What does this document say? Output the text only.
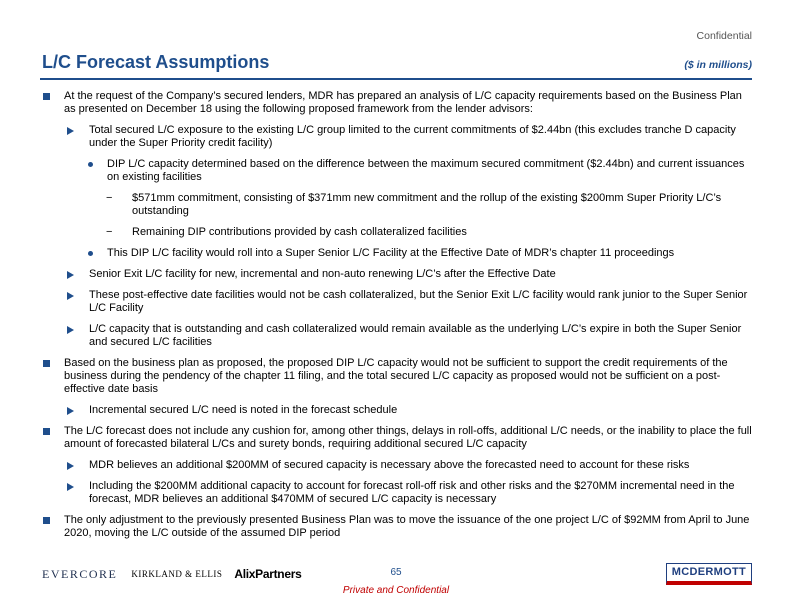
Confidential
L/C Forecast Assumptions	($ in millions)
At the request of the Company’s secured lenders, MDR has prepared an analysis of L/C capacity requirements based on the Business Plan as presented on December 18 using the following proposed framework from the lender advisors:
Total secured L/C exposure to the existing L/C group limited to the current commitments of $2.44bn (this excludes tranche D capacity under the Super Priority credit facility)
DIP L/C capacity determined based on the difference between the maximum secured commitment ($2.44bn) and current issuances on existing facilities
− $571mm commitment, consisting of $371mm new commitment and the rollup of the existing $200mm Super Priority L/C’s outstanding
− Remaining DIP contributions provided by cash collateralized facilities
This DIP L/C facility would roll into a Super Senior L/C Facility at the Effective Date of MDR’s chapter 11 proceedings
Senior Exit L/C facility for new, incremental and non-auto renewing L/C’s after the Effective Date
These post-effective date facilities would not be cash collateralized, but the Senior Exit L/C facility would rank junior to the Super Senior L/C Facility
L/C capacity that is outstanding and cash collateralized would remain available as the underlying L/C’s expire in both the Super Senior and secured L/C facilities
Based on the business plan as proposed, the proposed DIP L/C capacity would not be sufficient to support the credit requirements of the business during the pendency of the chapter 11 filing, and the total secured L/C capacity as proposed would not be sufficient on a post-effective date basis
Incremental secured L/C need is noted in the forecast schedule
The L/C forecast does not include any cushion for, among other things, delays in roll-offs, additional L/C needs, or the inability to place the full amount of forecasted bilateral L/Cs and surety bonds, requiring additional secured L/C capacity
MDR believes an additional $200MM of secured capacity is necessary above the forecasted need to account for these risks
Including the $200MM additional capacity to account for forecast roll-off risk and other risks and the $270MM incremental need in the forecast, MDR believes an additional $470MM of secured L/C capacity is necessary
The only adjustment to the previously presented Business Plan was to move the issuance of the one project L/C of $92MM from April to June 2020, moving the L/C outside of the assumed DIP period
EVERCORE KIRKLAND & ELLIS AlixPartners	65
Private and Confidential
MCDERMOTT
